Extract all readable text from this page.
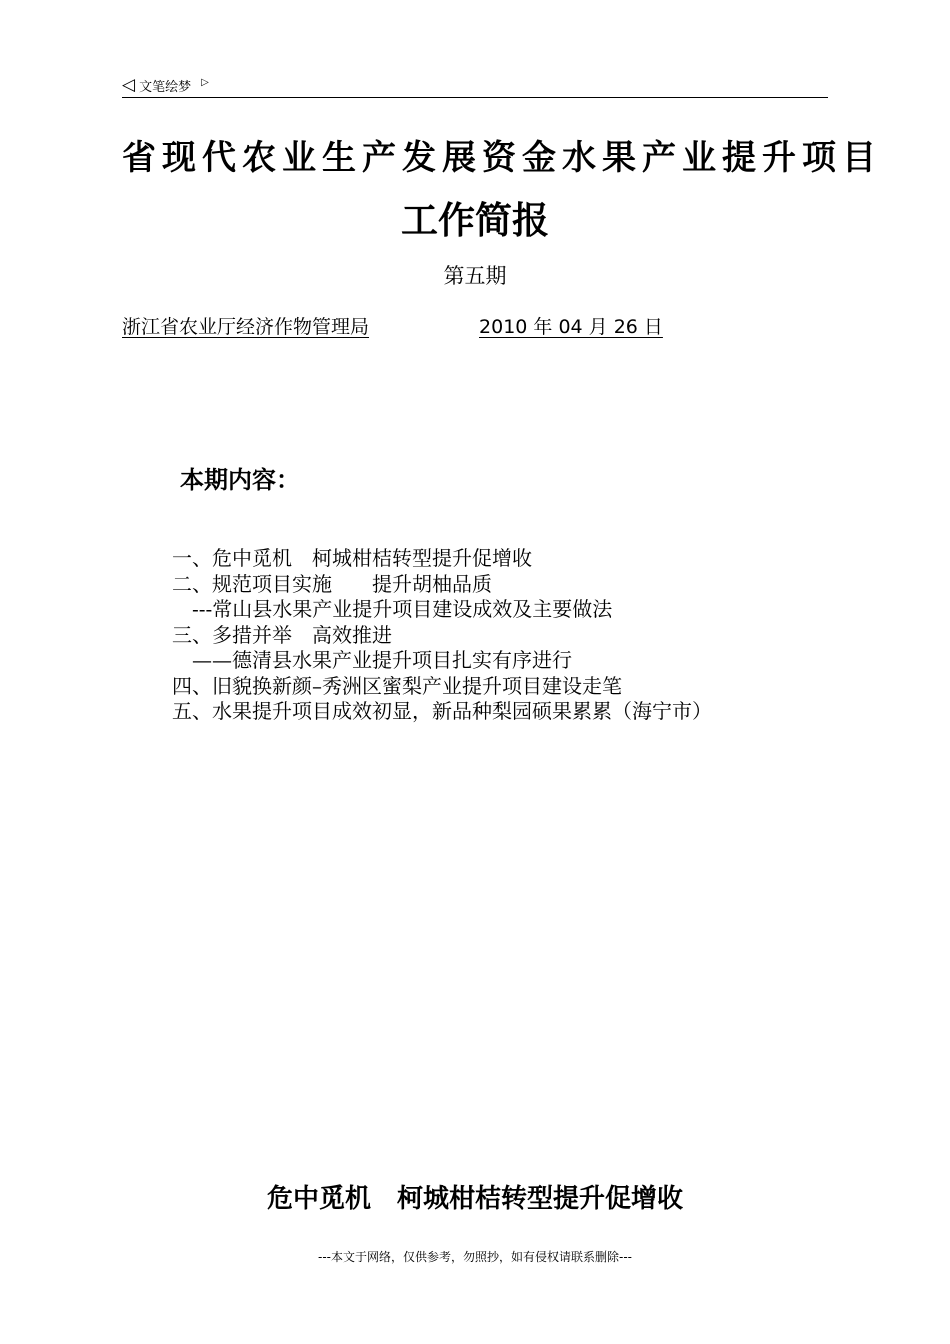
◁ 文笔绘梦 ▷
省现代农业生产发展资金水果产业提升项目
工作简报
第五期
浙江省农业厅经济作物管理局	2010 年 04 月 26 日
本期内容：
一、危中觅机　柯城柑桔转型提升促增收
二、规范项目实施　　提升胡柚品质
　---常山县水果产业提升项目建设成效及主要做法
三、多措并举　高效推进
　——德清县水果产业提升项目扎实有序进行
四、旧貌换新颜–秀洲区蜜梨产业提升项目建设走笔
五、水果提升项目成效初显，新品种梨园硕果累累（海宁市）
危中觅机　柯城柑桔转型提升促增收
---本文于网络，仅供参考，勿照抄，如有侵权请联系删除---
